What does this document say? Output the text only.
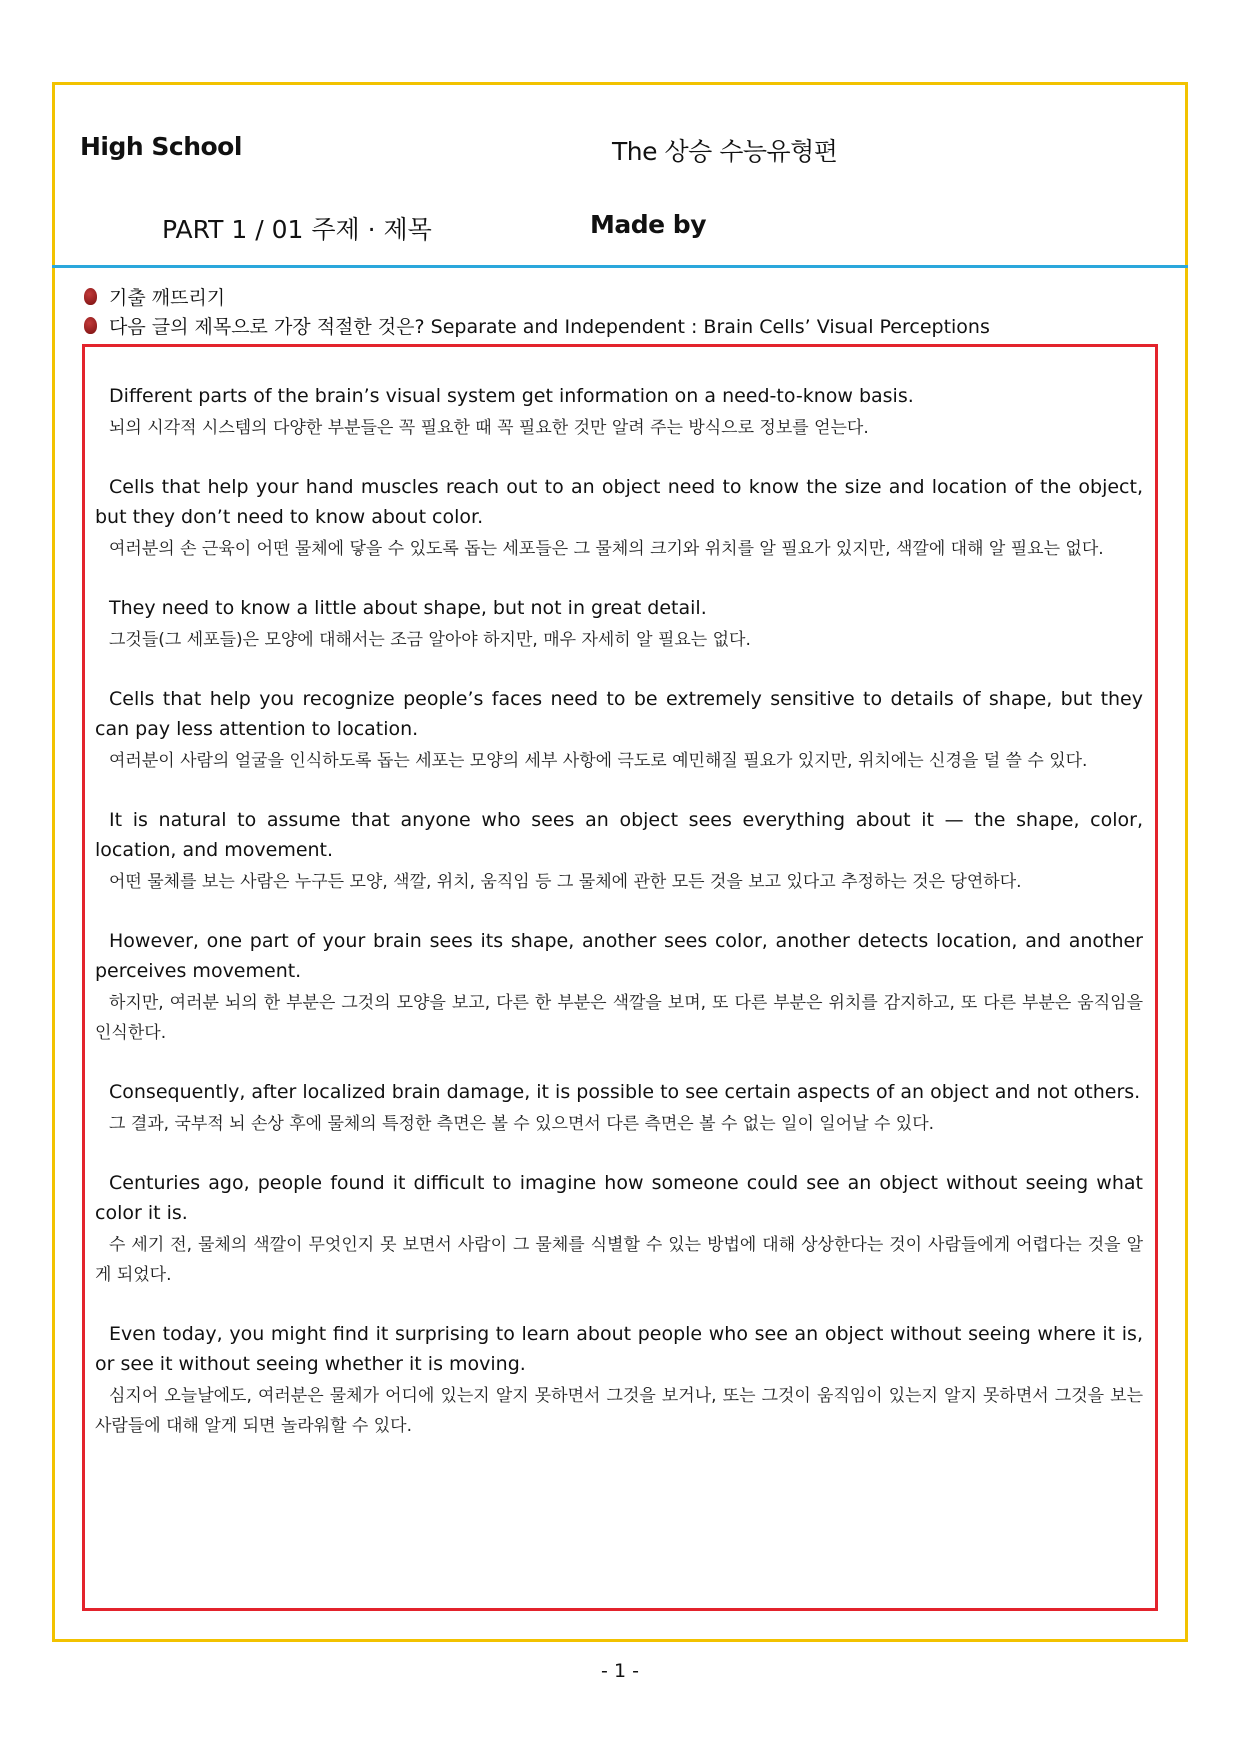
High School	The 상승 수능유형편
PART 1 / 01 주제 · 제목	Made by
기출 깨뜨리기
다음 글의 제목으로 가장 적절한 것은? Separate and Independent : Brain Cells’ Visual Perceptions
Different parts of the brain’s visual system get information on a need-to-know basis.
뇌의 시각적 시스템의 다양한 부분들은 꼭 필요한 때 꼭 필요한 것만 알려 주는 방식으로 정보를 얻는다.
Cells that help your hand muscles reach out to an object need to know the size and location of the object, but they don’t need to know about color.
여러분의 손 근육이 어떤 물체에 닿을 수 있도록 돕는 세포들은 그 물체의 크기와 위치를 알 필요가 있지만, 색깔에 대해 알 필요는 없다.
They need to know a little about shape, but not in great detail.
그것들(그 세포들)은 모양에 대해서는 조금 알아야 하지만, 매우 자세히 알 필요는 없다.
Cells that help you recognize people’s faces need to be extremely sensitive to details of shape, but they can pay less attention to location.
여러분이 사람의 얼굴을 인식하도록 돕는 세포는 모양의 세부 사항에 극도로 예민해질 필요가 있지만, 위치에는 신경을 덜 쓸 수 있다.
It is natural to assume that anyone who sees an object sees everything about it — the shape, color, location, and movement.
어떤 물체를 보는 사람은 누구든 모양, 색깔, 위치, 움직임 등 그 물체에 관한 모든 것을 보고 있다고 추정하는 것은 당연하다.
However, one part of your brain sees its shape, another sees color, another detects location, and another perceives movement.
하지만, 여러분 뇌의 한 부분은 그것의 모양을 보고, 다른 한 부분은 색깔을 보며, 또 다른 부분은 위치를 감지하고, 또 다른 부분은 움직임을 인식한다.
Consequently, after localized brain damage, it is possible to see certain aspects of an object and not others.
그 결과, 국부적 뇌 손상 후에 물체의 특정한 측면은 볼 수 있으면서 다른 측면은 볼 수 없는 일이 일어날 수 있다.
Centuries ago, people found it difficult to imagine how someone could see an object without seeing what color it is.
수 세기 전, 물체의 색깔이 무엇인지 못 보면서 사람이 그 물체를 식별할 수 있는 방법에 대해 상상한다는 것이 사람들에게 어렵다는 것을 알게 되었다.
Even today, you might find it surprising to learn about people who see an object without seeing where it is, or see it without seeing whether it is moving.
심지어 오늘날에도, 여러분은 물체가 어디에 있는지 알지 못하면서 그것을 보거나, 또는 그것이 움직임이 있는지 알지 못하면서 그것을 보는 사람들에 대해 알게 되면 놀라워할 수 있다.
- 1 -
